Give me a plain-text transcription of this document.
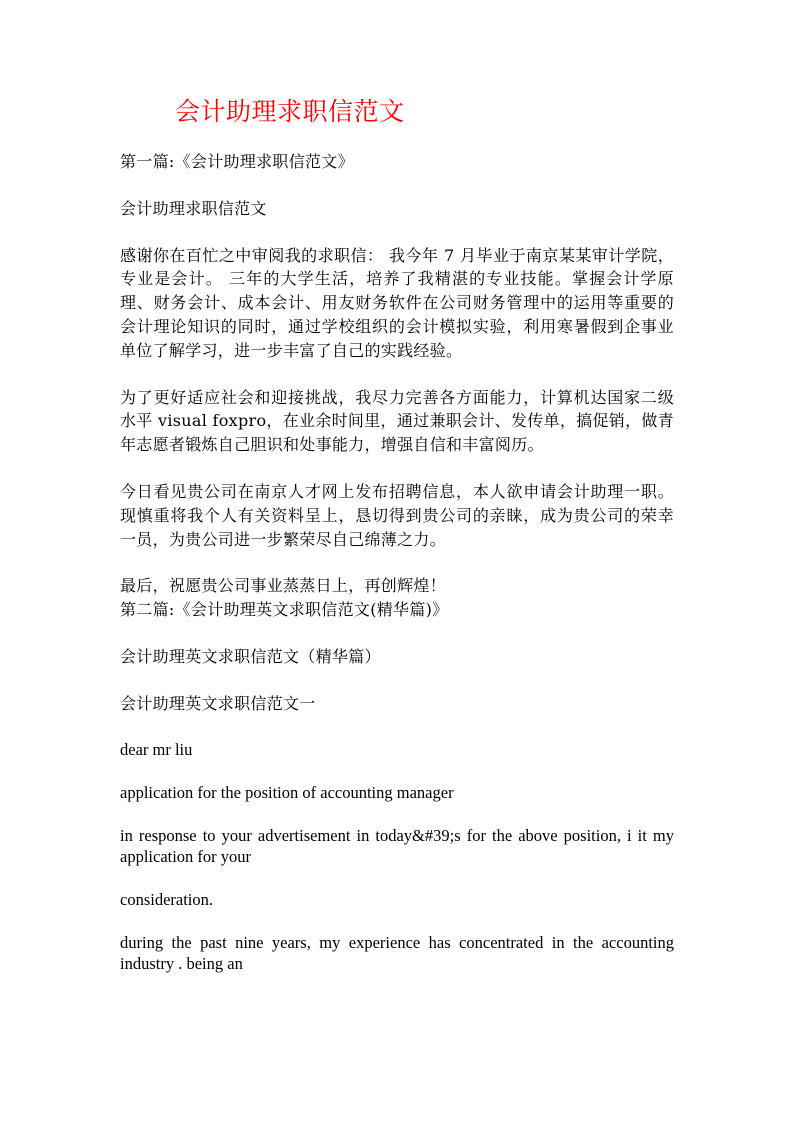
会计助理求职信范文

第一篇:《会计助理求职信范文》

会计助理求职信范文

感谢你在百忙之中审阅我的求职信： 我今年 7 月毕业于南京某某审计学院，专业是会计。 三年的大学生活，培养了我精湛的专业技能。掌握会计学原理、财务会计、成本会计、用友财务软件在公司财务管理中的运用等重要的会计理论知识的同时，通过学校组织的会计模拟实验，利用寒暑假到企事业单位了解学习，进一步丰富了自己的实践经验。

为了更好适应社会和迎接挑战，我尽力完善各方面能力，计算机达国家二级水平 visual foxpro，在业余时间里，通过兼职会计、发传单，搞促销，做青年志愿者锻炼自己胆识和处事能力，增强自信和丰富阅历。

今日看见贵公司在南京人才网上发布招聘信息，本人欲申请会计助理一职。现慎重将我个人有关资料呈上，恳切得到贵公司的亲睐，成为贵公司的荣幸一员，为贵公司进一步繁荣尽自己绵薄之力。

最后，祝愿贵公司事业蒸蒸日上，再创辉煌！

第二篇:《会计助理英文求职信范文(精华篇)》

会计助理英文求职信范文（精华篇）

会计助理英文求职信范文一

dear mr liu

application for the position of accounting manager

in response to your advertisement in today&#39;s for the above position, i it my application for your

consideration.

during the past nine years, my experience has concentrated in the accounting industry . being an
